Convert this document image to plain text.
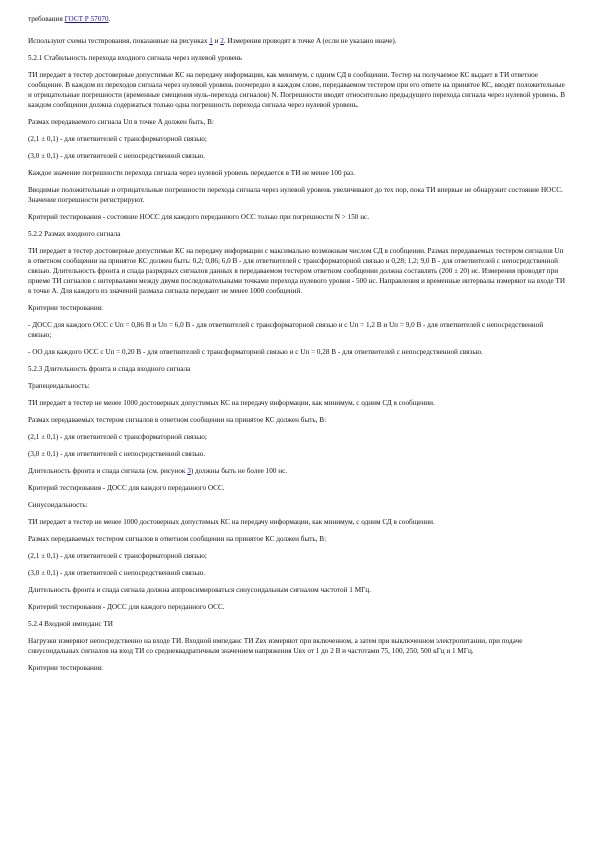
требования ГОСТ Р 57070.

Используют схемы тестирования, показанные на рисунках 1 и 2. Измерения проводят в точке A (если не указано иначе).

5.2.1 Стабильность перехода входного сигнала через нулевой уровень

ТИ передает в тестер достоверные допустимые КС на передачу информации, как минимум, с одним СД в сообщении. Тестер на получаемое КС выдает в ТИ ответное сообщение. В каждом из переходов сигнала через нулевой уровень поочередно в каждом слове, передаваемом тестером при его ответе на принятое КС, вводят положительные и отрицательные погрешности (временные смещения нуль-перехода сигналов) N. Погрешности вводят относительно предыдущего перехода сигнала через нулевой уровень. В каждом сообщении должна содержаться только одна погрешность перехода сигнала через нулевой уровень.

Размах передаваемого сигнала Uп в точке A должен быть, В:

(2,1 ± 0,1) - для ответвителей с трансформаторной связью;

(3,0 ± 0,1) - для ответвителей с непосредственной связью.

Каждое значение погрешности перехода сигнала через нулевой уровень передается в ТИ не менее 100 раз.

Вводимые положительные и отрицательные погрешности перехода сигнала через нулевой уровень увеличивают до тех пор, пока ТИ впервые не обнаружит состояние НОСС. Значение погрешности регистрируют.

Критерий тестирования - состояние НОСС для каждого переданного ОСС только при погрешности N > 150 нс.

5.2.2 Размах входного сигнала

ТИ передает в тестер достоверные допустимые КС на передачу информации с максимально возможным числом СД в сообщении. Размах передаваемых тестером сигналов Uп в ответном сообщении на принятое КС должен быть: 0,2; 0,86; 6,0 В - для ответвителей с трансформаторной связью и 0,28; 1,2; 9,0 В - для ответвителей с непосредственной связью. Длительность фронта и спада разрядных сигналов данных в передаваемом тестером ответном сообщении должна составлять (200 ± 20) нс. Измерения проводят при приеме ТИ сигналов с интервалами между двумя последовательными точками перехода нулевого уровня - 500 нс. Направления и временные интервалы измеряют на входе ТИ в точке A. Для каждого из значений размаха сигнала передают не менее 1000 сообщений.

Критерии тестирования:

- ДОСС для каждого ОСС с Uп = 0,86 В и Uп = 6,0 В - для ответвителей с трансформаторной связью и с Uп = 1,2 В и Uп = 9,0 В - для ответвителей с непосредственной связью;

- ОО для каждого ОСС с Uп = 0,20 В - для ответвителей с трансформаторной связью и с Uп = 0,28 В - для ответвителей с непосредственной связью.

5.2.3 Длительность фронта и спада входного сигнала

Трапецеидальность:

ТИ передает в тестер не менее 1000 достоверных допустимых КС на передачу информации, как минимум, с одним СД в сообщении.

Размах передаваемых тестером сигналов в ответном сообщении на принятое КС должен быть, В:

(2,1 ± 0,1) - для ответвителей с трансформаторной связью;

(3,0 ± 0,1) - для ответвителей с непосредственной связью.

Длительность фронта и спада сигнала (см. рисунок 3) должны быть не более 100 нс.

Критерий тестирования - ДОСС для каждого переданного ОСС.

Синусоидальность:

ТИ передает в тестер не менее 1000 достоверных допустимых КС на передачу информации, как минимум, с одним СД в сообщении.

Размах передаваемых тестером сигналов в ответном сообщении на принятое КС должен быть, В:

(2,1 ± 0,1) - для ответвителей с трансформаторной связью;

(3,0 ± 0,1) - для ответвителей с непосредственной связью.

Длительность фронта и спада сигнала должна аппроксимироваться синусоидальным сигналом частотой 1 МГц.

Критерий тестирования - ДОСС для каждого переданного ОСС.

5.2.4 Входной импеданс ТИ

Нагрузки измеряют непосредственно на входе ТИ. Входной импеданс ТИ Zвх измеряют при включенном, а затем при выключенном электропитании, при подаче синусоидальных сигналов на вход ТИ со среднеквадратичным значением напряжения Uвх от 1 до 2 В и частотами 75, 100, 250, 500 кГц и 1 МГц.

Критерии тестирования:
